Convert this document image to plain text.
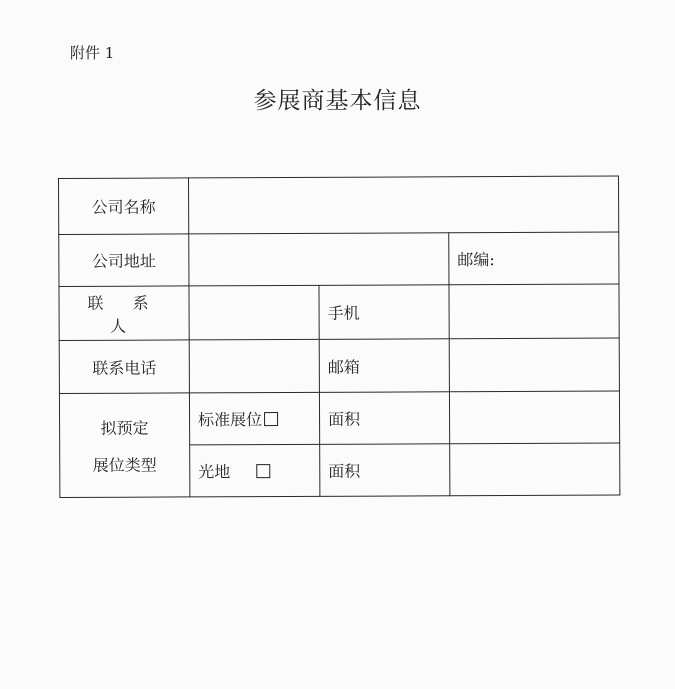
附件 1
参展商基本信息
公司名称			
公司地址			邮编:
联 系 人		手机	
联系电话		邮箱	

拟预定
展位类型	标准展位	面积	
	光地	面积	
